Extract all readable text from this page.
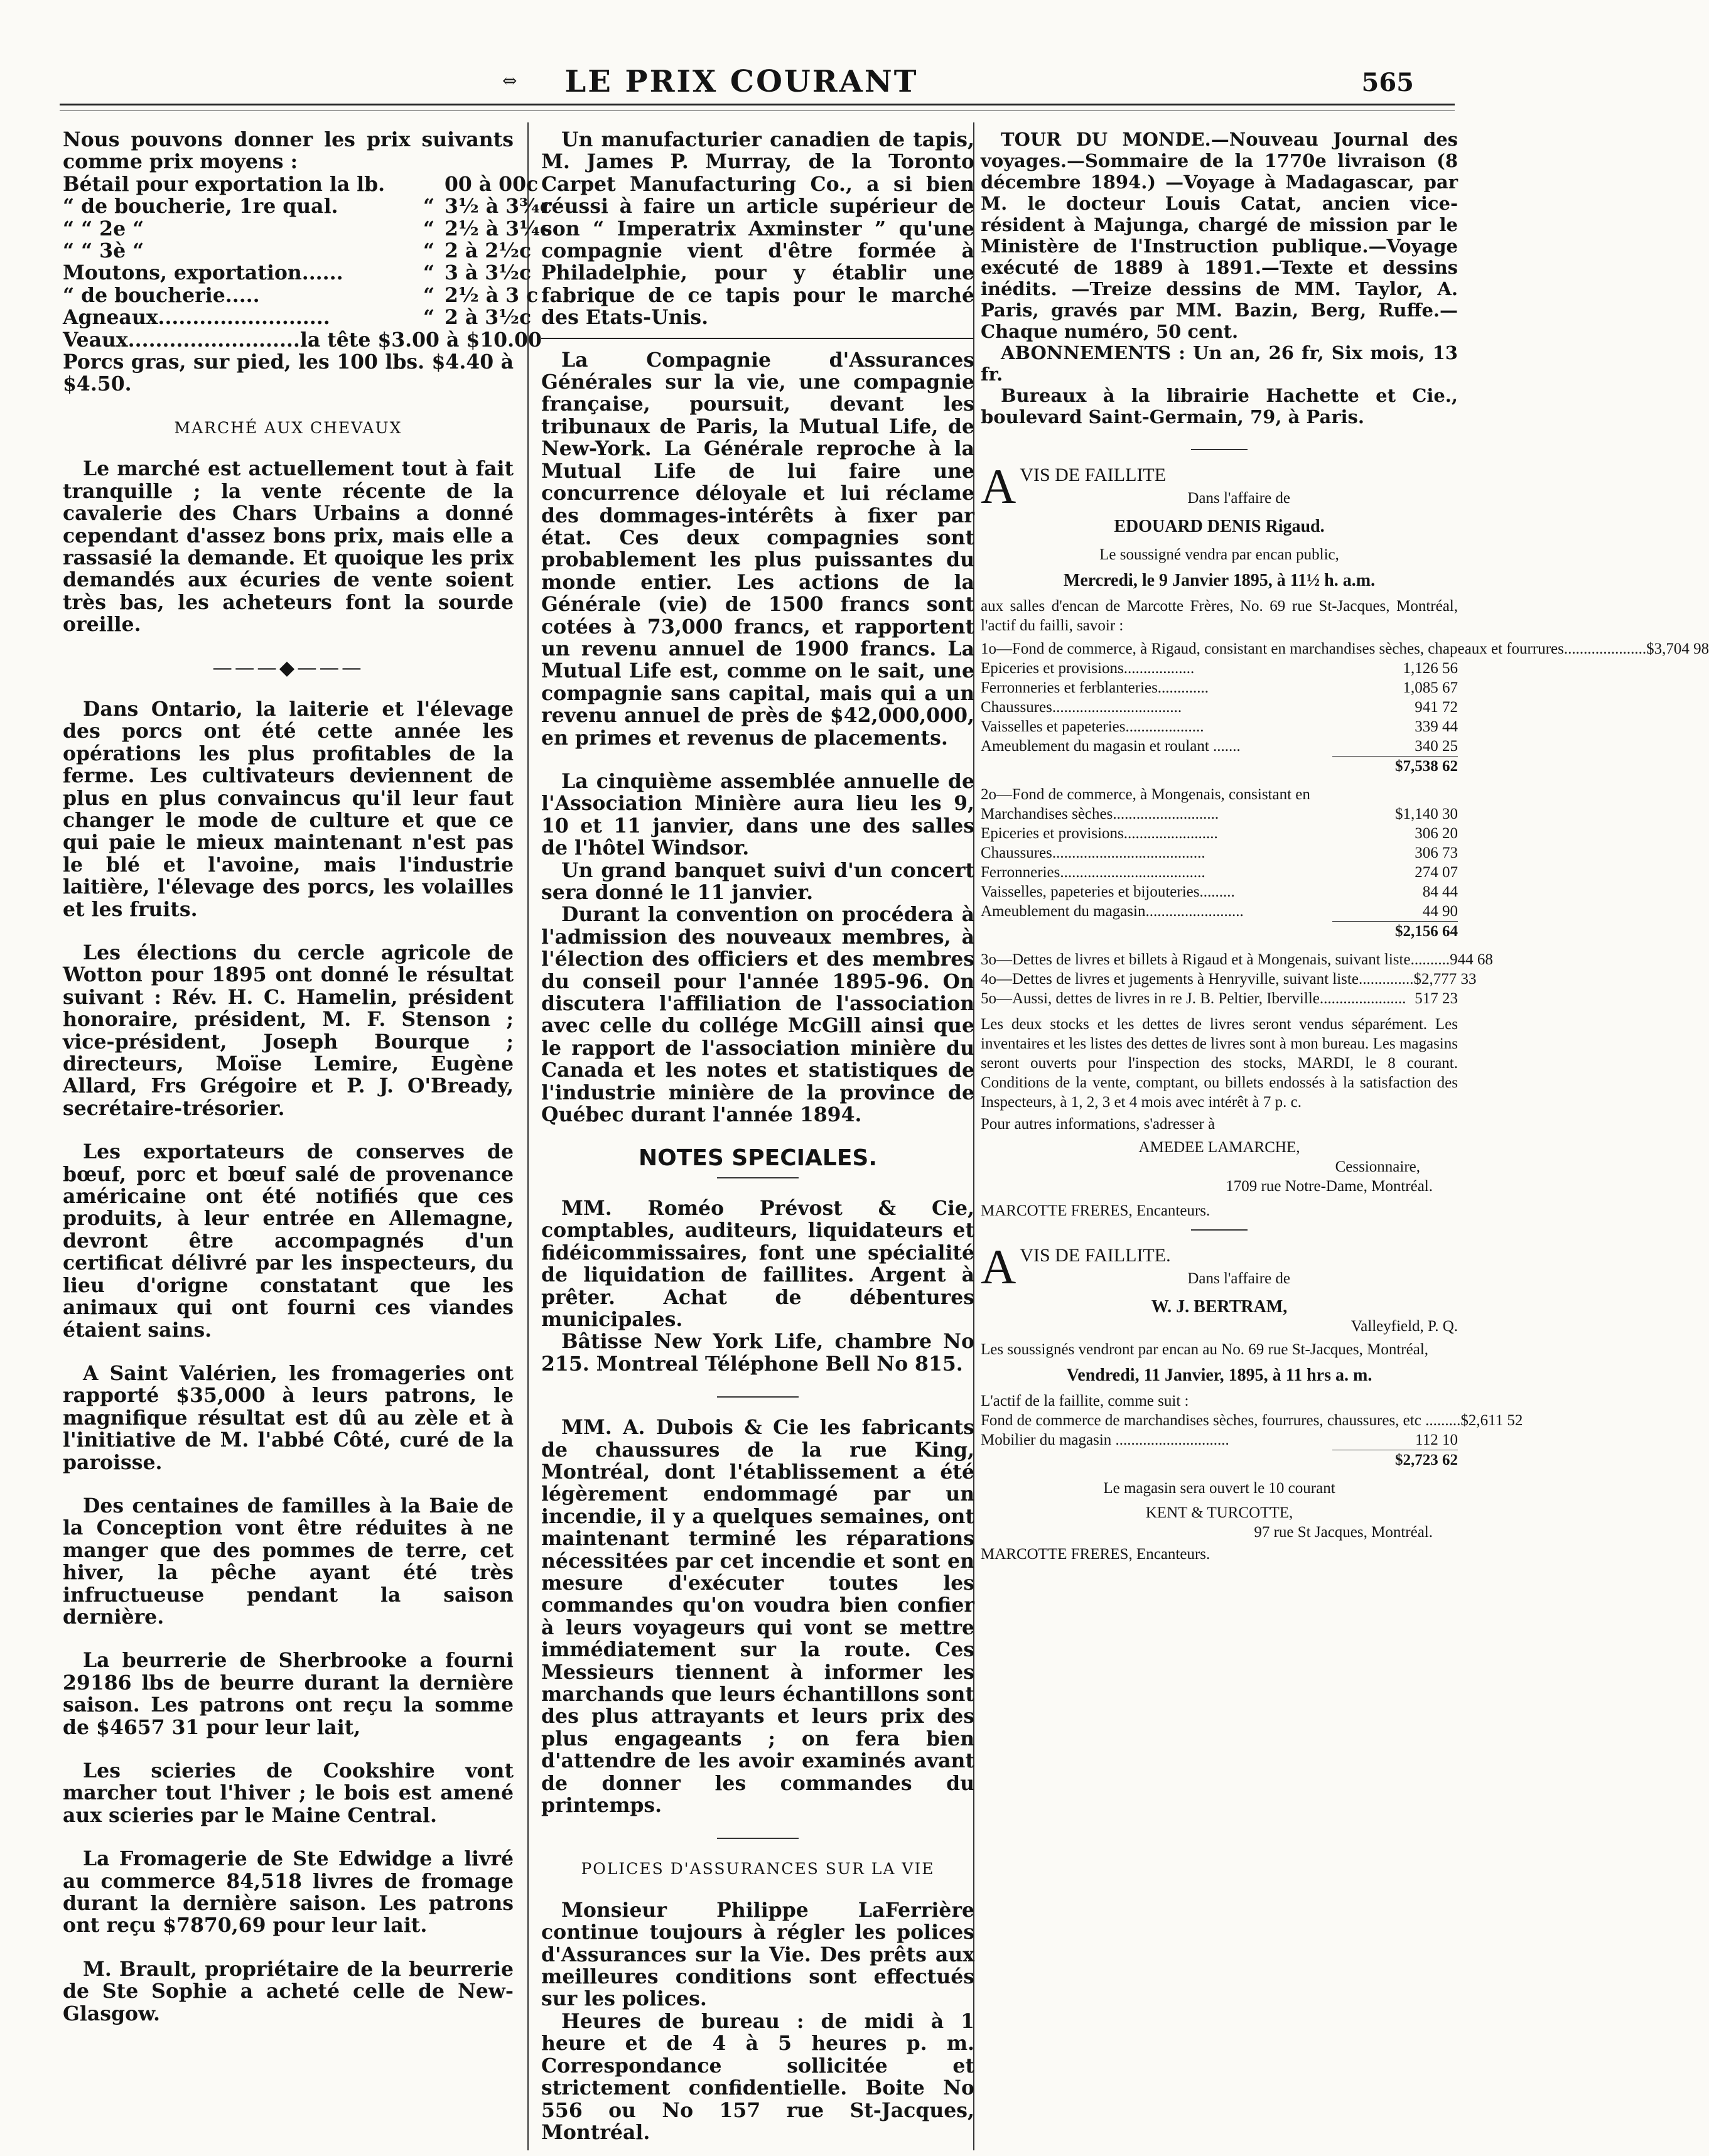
⇔	LE PRIX COURANT	565

Nous pouvons donner les prix suivants comme prix moyens :

Bétail pour exportation la lb.	00 à 00c
“ de boucherie, 1re qual.	“ 3½ à 3¾c
“ “ 2e “	“ 2½ à 3¼c
“ “ 3è “	“ 2 à 2½c
Moutons, exportation......	“ 3 à 3½c
“ de boucherie.....	“ 2½ à 3 c
Agneaux.........................	“ 2 à 3½c
Veaux.........................la tête $3.00 à $10.00

Porcs gras, sur pied, les 100 lbs. $4.40 à $4.50.

MARCHÉ AUX CHEVAUX

Le marché est actuellement tout à fait tranquille ; la vente récente de la cavalerie des Chars Urbains a donné cependant d'assez bons prix, mais elle a rassasié la demande. Et quoique les prix demandés aux écuries de vente soient très bas, les acheteurs font la sourde oreille.

———◆———

Dans Ontario, la laiterie et l'élevage des porcs ont été cette année les opérations les plus profitables de la ferme. Les cultivateurs deviennent de plus en plus convaincus qu'il leur faut changer le mode de culture et que ce qui paie le mieux maintenant n'est pas le blé et l'avoine, mais l'industrie laitière, l'élevage des porcs, les volailles et les fruits.

Les élections du cercle agricole de Wotton pour 1895 ont donné le résultat suivant : Rév. H. C. Hamelin, président honoraire, président, M. F. Stenson ; vice-président, Joseph Bourque ; directeurs, Moïse Lemire, Eugène Allard, Frs Grégoire et P. J. O'Bready, secrétaire-trésorier.

Les exportateurs de conserves de bœuf, porc et bœuf salé de provenance américaine ont été notifiés que ces produits, à leur entrée en Allemagne, devront être accompagnés d'un certificat délivré par les inspecteurs, du lieu d'origne constatant que les animaux qui ont fourni ces viandes étaient sains.

A Saint Valérien, les fromageries ont rapporté $35,000 à leurs patrons, le magnifique résultat est dû au zèle et à l'initiative de M. l'abbé Côté, curé de la paroisse.

Des centaines de familles à la Baie de la Conception vont être réduites à ne manger que des pommes de terre, cet hiver, la pêche ayant été très infructueuse pendant la saison dernière.

La beurrerie de Sherbrooke a fourni 29186 lbs de beurre durant la dernière saison. Les patrons ont reçu la somme de $4657 31 pour leur lait,

Les scieries de Cookshire vont marcher tout l'hiver ; le bois est amené aux scieries par le Maine Central.

La Fromagerie de Ste Edwidge a livré au commerce 84,518 livres de fromage durant la dernière saison. Les patrons ont reçu $7870,69 pour leur lait.

M. Brault, propriétaire de la beurrerie de Ste Sophie a acheté celle de New-Glasgow.

Un manufacturier canadien de tapis, M. James P. Murray, de la Toronto Carpet Manufacturing Co., a si bien réussi à faire un article supérieur de son “ Imperatrix Axminster ” qu'une compagnie vient d'être formée à Philadelphie, pour y établir une fabrique de ce tapis pour le marché des Etats-Unis.

La Compagnie d'Assurances Générales sur la vie, une compagnie française, poursuit, devant les tribunaux de Paris, la Mutual Life, de New-York. La Générale reproche à la Mutual Life de lui faire une concurrence déloyale et lui réclame des dommages-intérêts à fixer par état. Ces deux compagnies sont probablement les plus puissantes du monde entier. Les actions de la Générale (vie) de 1500 francs sont cotées à 73,000 francs, et rapportent un revenu annuel de 1900 francs. La Mutual Life est, comme on le sait, une compagnie sans capital, mais qui a un revenu annuel de près de $42,000,000, en primes et revenus de placements.

La cinquième assemblée annuelle de l'Association Minière aura lieu les 9, 10 et 11 janvier, dans une des salles de l'hôtel Windsor.

Un grand banquet suivi d'un concert sera donné le 11 janvier.

Durant la convention on procédera à l'admission des nouveaux membres, à l'élection des officiers et des membres du conseil pour l'année 1895-96. On discutera l'affiliation de l'association avec celle du collége McGill ainsi que le rapport de l'association minière du Canada et les notes et statistiques de l'industrie minière de la province de Québec durant l'année 1894.

NOTES SPECIALES.

MM. Roméo Prévost & Cie, comptables, auditeurs, liquidateurs et fidéicommissaires, font une spécialité de liquidation de faillites. Argent à prêter. Achat de débentures municipales.

Bâtisse New York Life, chambre No 215. Montreal Téléphone Bell No 815.

MM. A. Dubois & Cie les fabricants de chaussures de la rue King, Montréal, dont l'établissement a été légèrement endommagé par un incendie, il y a quelques semaines, ont maintenant terminé les réparations nécessitées par cet incendie et sont en mesure d'exécuter toutes les commandes qu'on voudra bien confier à leurs voyageurs qui vont se mettre immédiatement sur la route. Ces Messieurs tiennent à informer les marchands que leurs échantillons sont des plus attrayants et leurs prix des plus engageants ; on fera bien d'attendre de les avoir examinés avant de donner les commandes du printemps.

POLICES D'ASSURANCES SUR LA VIE

Monsieur Philippe LaFerrière continue toujours à régler les polices d'Assurances sur la Vie. Des prêts aux meilleures conditions sont effectués sur les polices.

Heures de bureau : de midi à 1 heure et de 4 à 5 heures p. m. Correspondance sollicitée et strictement confidentielle. Boite No 556 ou No 157 rue St-Jacques, Montréal.

TOUR DU MONDE.—Nouveau Journal des voyages.—Sommaire de la 1770e livraison (8 décembre 1894.) —Voyage à Madagascar, par M. le docteur Louis Catat, ancien vice-résident à Majunga, chargé de mission par le Ministère de l'Instruction publique.—Voyage exécuté de 1889 à 1891.—Texte et dessins inédits. —Treize dessins de MM. Taylor, A. Paris, gravés par MM. Bazin, Berg, Ruffe.—Chaque numéro, 50 cent.

ABONNEMENTS : Un an, 26 fr, Six mois, 13 fr.

Bureaux à la librairie Hachette et Cie., boulevard Saint-Germain, 79, à Paris.

A VIS DE FAILLITE
Dans l'affaire de
EDOUARD DENIS Rigaud.
Le soussigné vendra par encan public,
Mercredi, le 9 Janvier 1895, à 11½ h. a.m.
aux salles d'encan de Marcotte Frères, No. 69 rue St-Jacques, Montréal, l'actif du failli, savoir :
1o—Fond de commerce, à Rigaud, consistant en marchandises sèches, chapeaux et fourrures..................... $3,704 98
Epiceries et provisions..................	1,126 56
Ferronneries et ferblanteries.............	1,085 67
Chaussures.................................	941 72
Vaisselles et papeteries....................	339 44
Ameublement du magasin et roulant .......	340 25
$7,538 62
2o—Fond de commerce, à Mongenais, consistant en
Marchandises sèches...........................	$1,140 30
Epiceries et provisions........................	306 20
Chaussures.......................................	306 73
Ferronneries.....................................	274 07
Vaisselles, papeteries et bijouteries.........	84 44
Ameublement du magasin.........................	44 90
$2,156 64
3o—Dettes de livres et billets à Rigaud et à Mongenais, suivant liste.......... 944 68
4o—Dettes de livres et jugements à Henryville, suivant liste.............. $2,777 33
5o—Aussi, dettes de livres in re J. B. Peltier, Iberville...................... 517 23
Les deux stocks et les dettes de livres seront vendus séparément. Les inventaires et les listes des dettes de livres sont à mon bureau. Les magasins seront ouverts pour l'inspection des stocks, MARDI, le 8 courant. Conditions de la vente, comptant, ou billets endossés à la satisfaction des Inspecteurs, à 1, 2, 3 et 4 mois avec intérêt à 7 p. c.
Pour autres informations, s'adresser à
AMEDEE LAMARCHE,
Cessionnaire,
1709 rue Notre-Dame, Montréal.
MARCOTTE FRERES, Encanteurs.
A VIS DE FAILLITE.
Dans l'affaire de
W. J. BERTRAM,
Valleyfield, P. Q.
Les soussignés vendront par encan au No. 69 rue St-Jacques, Montréal,
Vendredi, 11 Janvier, 1895, à 11 hrs a. m.
L'actif de la faillite, comme suit :
Fond de commerce de marchandises sèches, fourrures, chaussures, etc ......... $2,611 52
Mobilier du magasin .............................	112 10
$2,723 62
Le magasin sera ouvert le 10 courant
KENT & TURCOTTE,
97 rue St Jacques, Montréal.
MARCOTTE FRERES, Encanteurs.
